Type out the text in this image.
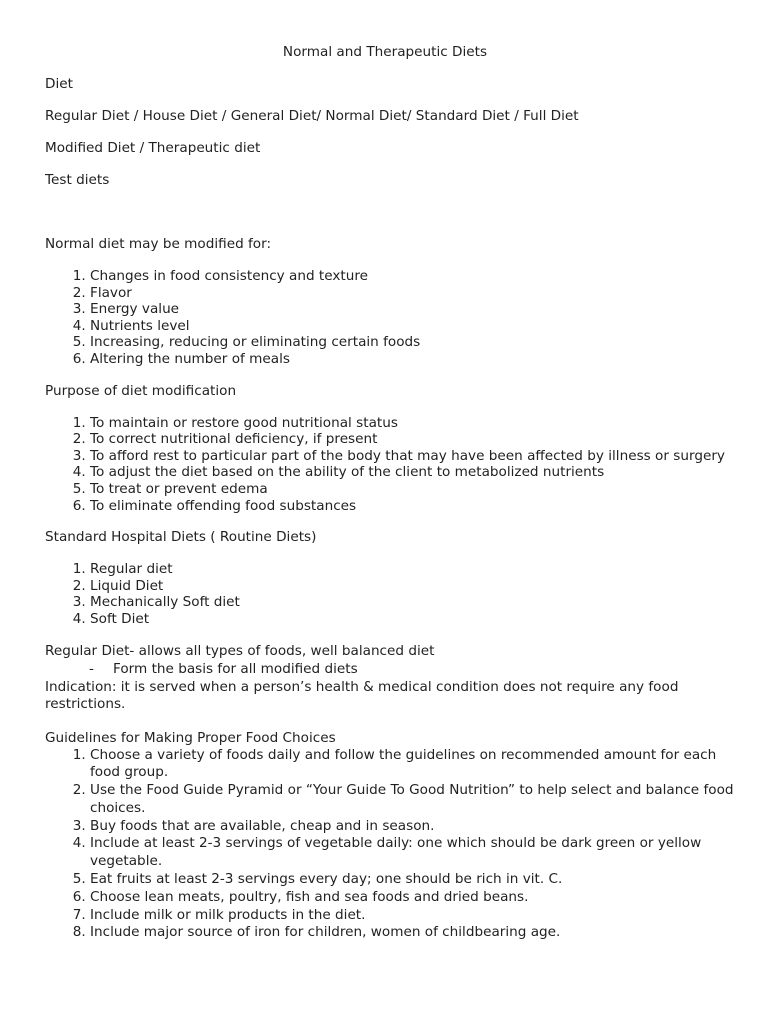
Normal and Therapeutic Diets

Diet

Regular Diet / House Diet / General Diet/ Normal Diet/ Standard Diet / Full Diet

Modified Diet / Therapeutic diet

Test diets

Normal diet may be modified for:

1. Changes in food consistency and texture
2. Flavor
3. Energy value
4. Nutrients level
5. Increasing, reducing or eliminating certain foods
6. Altering the number of meals

Purpose of diet modification

1. To maintain or restore good nutritional status
2. To correct nutritional deficiency, if present
3. To afford rest to particular part of the body that may have been affected by illness or surgery
4. To adjust the diet based on the ability of the client to metabolized nutrients
5. To treat or prevent edema
6. To eliminate offending food substances

Standard Hospital Diets ( Routine Diets)

1. Regular diet
2. Liquid Diet
3. Mechanically Soft diet
4. Soft Diet

Regular Diet- allows all types of foods, well balanced diet

- Form the basis for all modified diets

Indication: it is served when a person’s health & medical condition does not require any food restrictions.

Guidelines for Making Proper Food Choices

1. Choose a variety of foods daily and follow the guidelines on recommended amount for each food group.
2. Use the Food Guide Pyramid or “Your Guide To Good Nutrition” to help select and balance food choices.
3. Buy foods that are available, cheap and in season.
4. Include at least 2-3 servings of vegetable daily: one which should be dark green or yellow vegetable.
5. Eat fruits at least 2-3 servings every day; one should be rich in vit. C.
6. Choose lean meats, poultry, fish and sea foods and dried beans.
7. Include milk or milk products in the diet.
8. Include major source of iron for children, women of childbearing age.
